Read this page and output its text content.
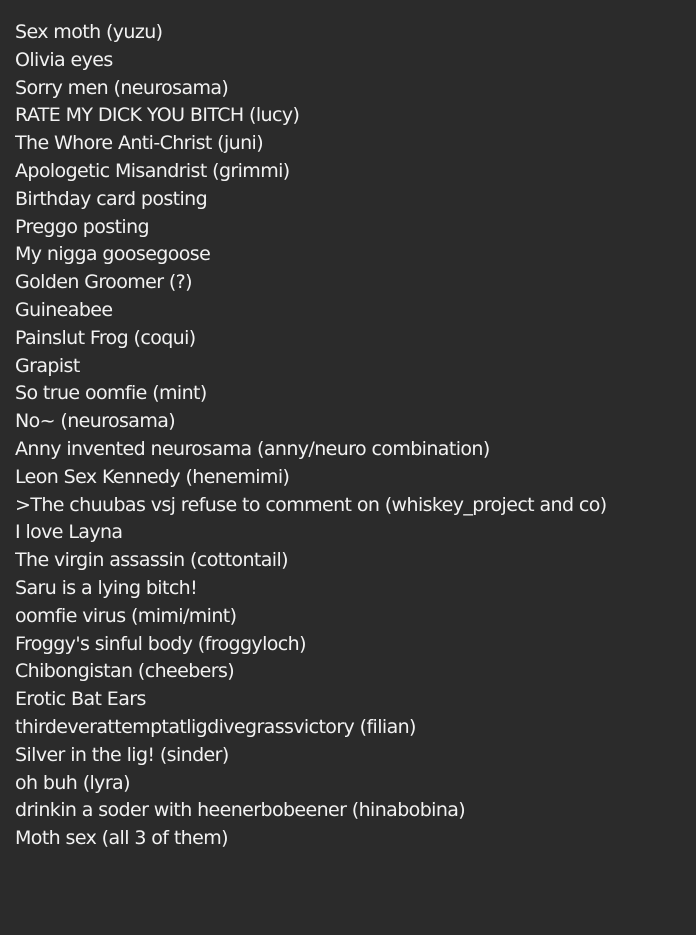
Sex moth (yuzu)
Olivia eyes
Sorry men (neurosama)
RATE MY DICK YOU BITCH (lucy)
The Whore Anti-Christ (juni)
Apologetic Misandrist (grimmi)
Birthday card posting
Preggo posting
My nigga goosegoose
Golden Groomer (?)
Guineabee
Painslut Frog (coqui)
Grapist
So true oomfie (mint)
No~ (neurosama)
Anny invented neurosama (anny/neuro combination)
Leon Sex Kennedy (henemimi)
>The chuubas vsj refuse to comment on (whiskey_project and co)
I love Layna
The virgin assassin (cottontail)
Saru is a lying bitch!
oomfie virus (mimi/mint)
Froggy's sinful body (froggyloch)
Chibongistan (cheebers)
Erotic Bat Ears
thirdeverattemptatligdivegrassvictory (filian)
Silver in the lig! (sinder)
oh buh (lyra)
drinkin a soder with heenerbobeener (hinabobina)
Moth sex (all 3 of them)
